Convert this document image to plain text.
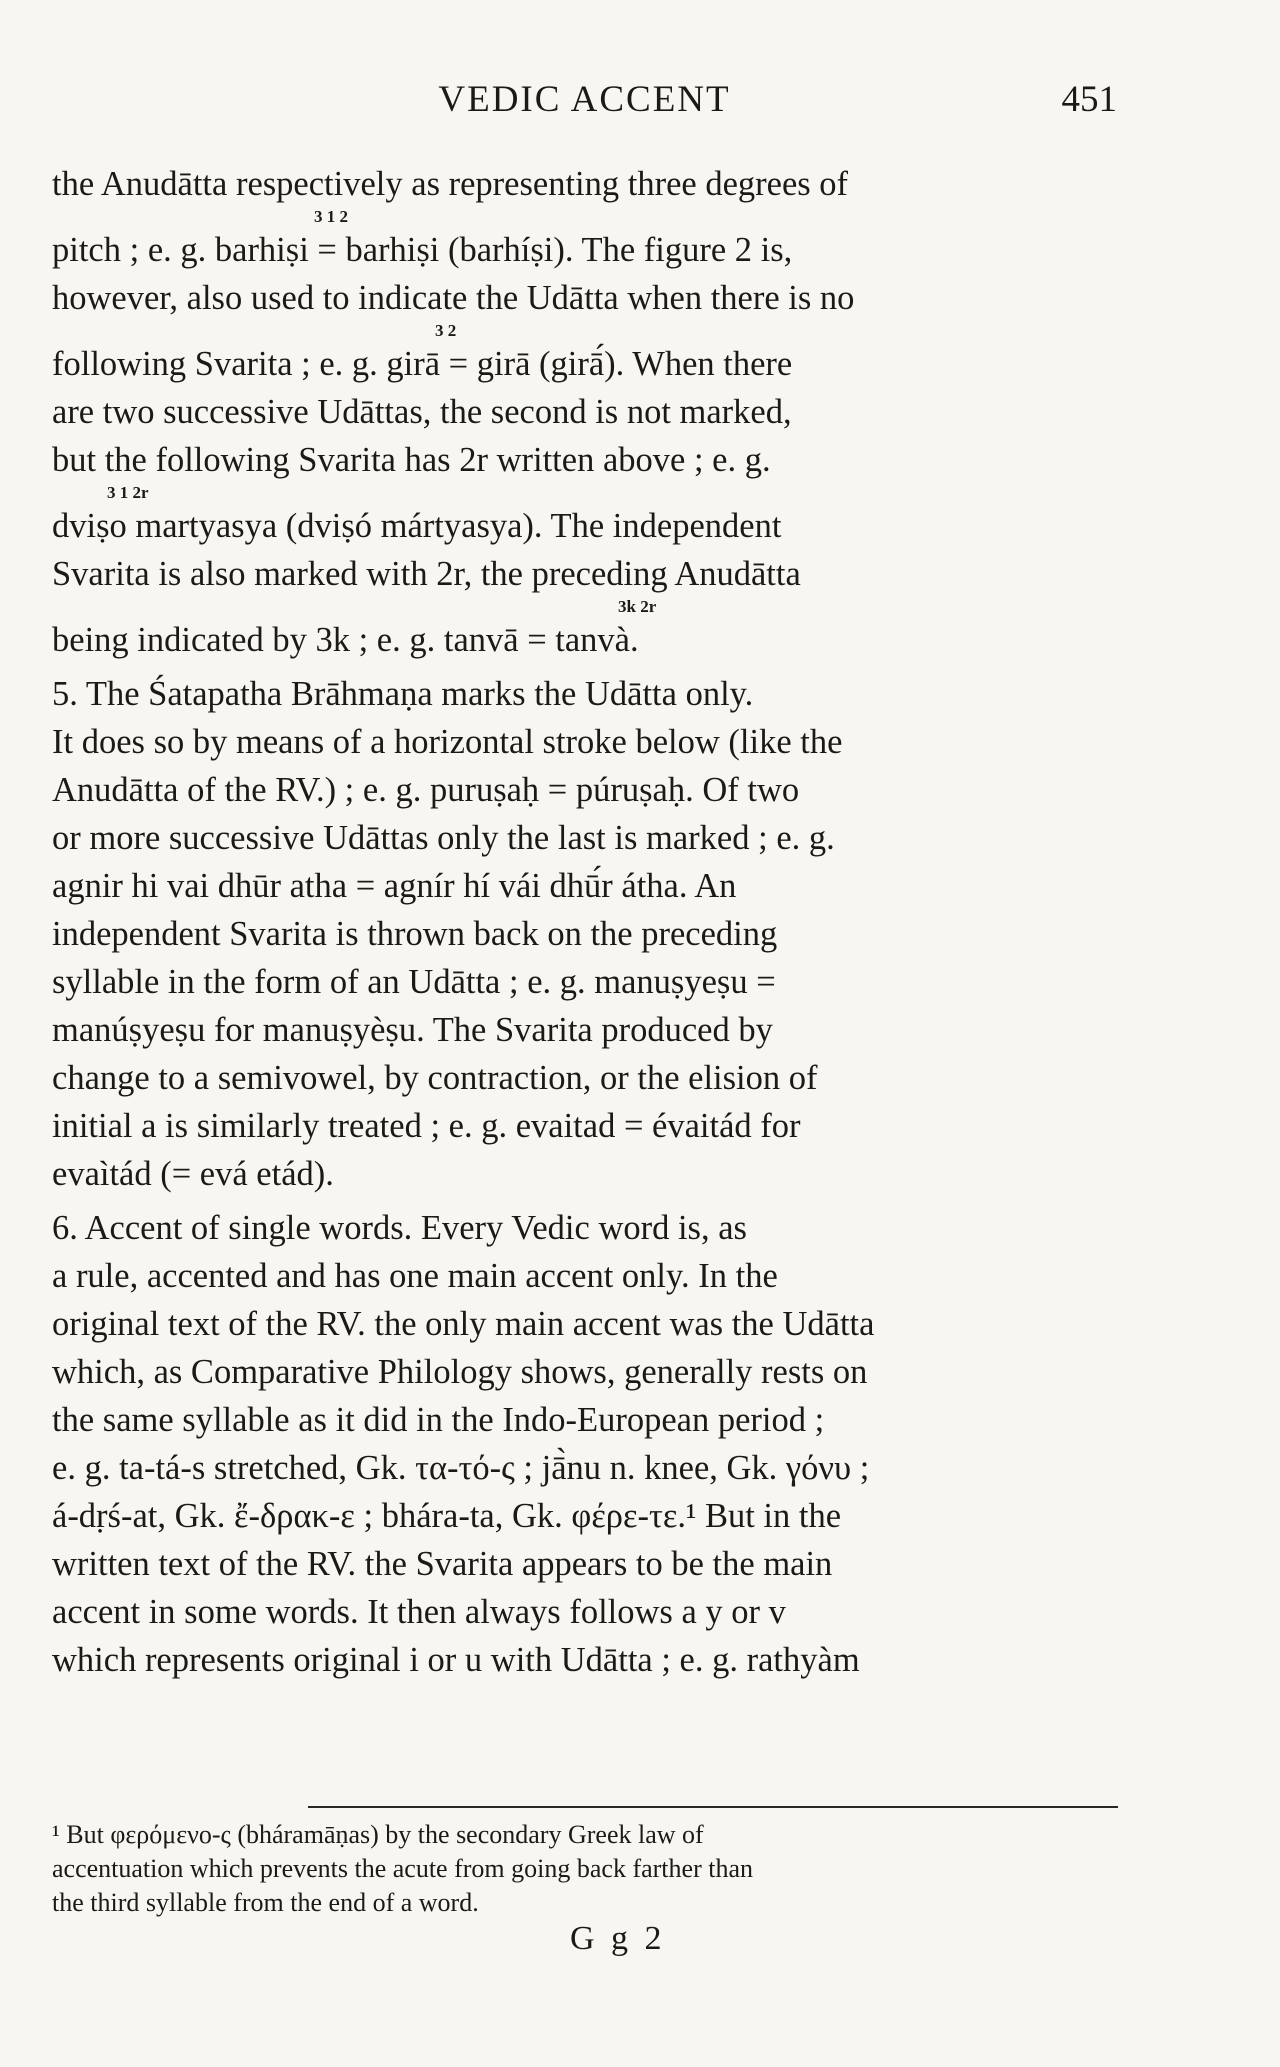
VEDIC ACCENT	451
the Anudātta respectively as representing three degrees of
3 1 2
pitch ; e. g. barhiṣi = barhiṣi (barhíṣi). The figure 2 is,
however, also used to indicate the Udātta when there is no
3 2
following Svarita ; e. g. girā = girā (girā́). When there
are two successive Udāttas, the second is not marked,
but the following Svarita has 2r written above ; e. g.
3 1 2r
dviṣo martyasya (dviṣó mártyasya). The independent
Svarita is also marked with 2r, the preceding Anudātta
3k 2r
being indicated by 3k ; e. g. tanvā = tanvà.
5. The Śatapatha Brāhmaṇa marks the Udātta only.
It does so by means of a horizontal stroke below (like the
Anudātta of the RV.) ; e. g. puruṣaḥ = púruṣaḥ. Of two
or more successive Udāttas only the last is marked ; e. g.
agnir hi vai dhūr atha = agnír hí vái dhū́r átha. An
independent Svarita is thrown back on the preceding
syllable in the form of an Udātta ; e. g. manuṣyeṣu =
manúṣyeṣu for manuṣyèṣu. The Svarita produced by
change to a semivowel, by contraction, or the elision of
initial a is similarly treated ; e. g. evaitad = évaitád for
evaìtád (= evá etád).
6. Accent of single words. Every Vedic word is, as
a rule, accented and has one main accent only. In the
original text of the RV. the only main accent was the Udātta
which, as Comparative Philology shows, generally rests on
the same syllable as it did in the Indo-European period ;
e. g. ta-tá-s stretched, Gk. τα-τό-ς ; jā̀nu n. knee, Gk. γόνυ ;
á-dṛś-at, Gk. ἔ-δρακ-ε ; bhára-ta, Gk. φέρε-τε.¹ But in the
written text of the RV. the Svarita appears to be the main
accent in some words. It then always follows a y or v
which represents original i or u with Udātta ; e. g. rathyàm
¹ But φερόμενο-ς (bháramāṇas) by the secondary Greek law of
accentuation which prevents the acute from going back farther than
the third syllable from the end of a word.
G g 2
